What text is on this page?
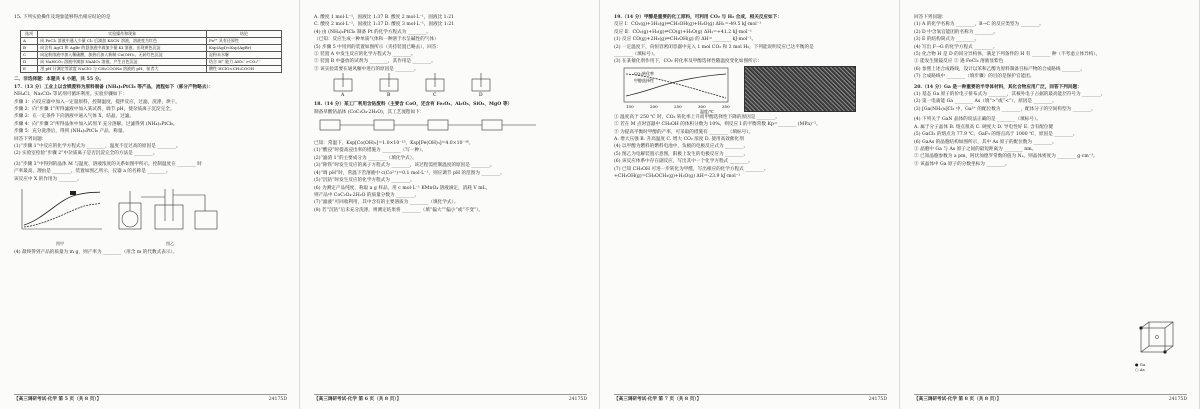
15. 下列实验操作及现象能够得出相应结论的是
选项	实验操作和现象	结论
A	向 FeCl₂ 溶液中通入少量 Cl₂ 后滴加 KSCN 溶液，溶液变为红色	Fe²⁺ 具有还原性
B	向含有 AgCl 和 AgBr 的悬浊液中滴加少量 KI 溶液，出现黄色沉淀	Ksp(AgI)<Ksp(AgBr)
C	向淀粉溶液中加入稀硫酸，加热后加入新制 Cu(OH)₂，无砖红色沉淀	淀粉未水解
D	向 NaHCO₃ 溶液中滴加 NaAlO₂ 溶液，产生白色沉淀	结合 H⁺ 能力 AlO₂⁻>CO₃²⁻
E	用 pH 计测定等浓度 NaClO 与 CH₃COONa 溶液的 pH，前者大	酸性 HClO<CH₃COOH
二、非选择题：本题共 4 小题，共 55 分。
17.（13 分）工业上以含镁废料为原料制备 (NH₄)₂PtCl₆ 等产品，流程如下（部分产物略去）：
NH₄Cl、Na₂CO₃ 等试剂可循环利用。实验步骤如下：
步骤 1：向反应器中加入一定量原料，控制温度，搅拌反应，过滤，洗涤，烘干。
步骤 2：向“步骤 1”所得滤液中加入某试剂，调节 pH，使杂质离子沉淀完全。
步骤 3：在一定条件下向溶液中通入气体 X，结晶，过滤。
步骤 4：向“步骤 3”所得晶体中加入试剂 Y 充分溶解，过滤得到 (NH₄)₂PtCl₆。
步骤 5：充分洗涤后，得到 (NH₄)₂PtCl₆ 产品，称量。
回答下列问题：
(1)“步骤 1”中反应的化学方程式为 ________，温度不宜过高的原因是 ________。
(2) 实验室检验“步骤 2”中杂质离子是否沉淀完全的方法是 ________。
(3)“步骤 3”中得到的晶体 M 与温度、溶液浓度的关系如图甲所示，控制温度在 ________ 时
产率最高，理由是 ________，装置如图乙所示，仪器 a 的名称是 ________。
该反应中 X 的作用为 ________。
图甲
	图乙
(4) 最终得到产品的质量为 m g，则产率为 ________（用含 m 的代数式表示）。
【高三调研考试·化学 第 5 页（共 8 页）】	24175D
A. 酸度 1 mol·L⁻¹，固液比 1:37 B. 酸度 2 mol·L⁻¹，固液比 1:21
C. 酸度 2 mol·L⁻¹，固液比 1:37 D. 酸度 3 mol·L⁻¹，固液比 1:21
(4) 由 (NH₄)₂PtCl₆ 制备 Pt 的化学方程式为 ________。
（已知：反应生成一种单质气体和一种溶于水呈碱性的气体）
(5) 步骤 5 中用到的装置如图所示（夹持装置已略去），回答：
① 装置 A 中发生反应的化学方程式为 ________。
② 装置 B 中盛放的试剂为 ________，其作用是 ________。
③ 该实验需要在通风橱中进行的原因是 ________。
A	B	C	D
18.（14 分）某工厂利用含钴废料（主要含 CoO，还含有 Fe₂O₃、Al₂O₃、SiO₂、MgO 等）
制备草酸钴晶体 (CoC₂O₄·2H₂O)，其工艺流程如下：
已知：常温下，Ksp[Co(OH)₂]=1.0×10⁻¹⁵，Ksp[Fe(OH)₃]=4.0×10⁻³⁸。
(1)“酸浸”时提高浸出率的措施为 ________（写一种）。
(2)“滤渣 1”的主要成分为 ________（填化学式）。
(3)“除铁”时发生反应的离子方程式为 ________，该过程需控制温度的原因是 ________。
(4)“调 pH”时，常温下若溶液中 c(Co²⁺)=0.1 mol·L⁻¹，则应调节 pH 的范围为 ________。
(5)“沉钴”时发生反应的化学方程式为 ________。
(6) 为测定产品纯度，称取 a g 样品，用 c mol·L⁻¹ KMnO₄ 溶液滴定，消耗 V mL，
则产品中 CoC₂O₄·2H₂O 的质量分数为 ________。
(7)“滤液”可回收利用，其中含有的主要溶质为 ________（填化学式）。
(8) 若“沉钴”后未充分洗涤，则测定结果将 ________（填“偏大”“偏小”或“不变”）。
【高三调研考试·化学 第 6 页（共 8 页）】	24175D
19.（14 分）甲醇是重要的化工原料，可利用 CO₂ 与 H₂ 合成，相关反应如下：
反应 Ⅰ：CO₂(g)+3H₂(g)⇌CH₃OH(g)+H₂O(g) ΔH₁=-49.5 kJ·mol⁻¹
反应 Ⅱ：CO₂(g)+H₂(g)⇌CO(g)+H₂O(g) ΔH₂=+41.2 kJ·mol⁻¹
(1) 反应 CO(g)+2H₂(g)⇌CH₃OH(g) 的 ΔH=________ kJ·mol⁻¹。
(2) 一定温度下，向恒容密闭容器中充入 1 mol CO₂ 和 3 mol H₂，下列能说明反应已达平衡的是
________（填标号）。
(3) 在某催化剂作用下，CO₂ 转化率及甲醇选择性随温度变化如图所示：
150	200	250	300	350
CO₂转化率
甲醇选择性
温度/℃
① 温度高于 250 ℃ 时，CO₂ 转化率上升而甲醇选择性下降的原因是 ________。
② 若在 M 点时容器中 CH₃OH 的体积分数为 10%，则反应 Ⅰ 的平衡常数 Kp=________ (MPa)⁻²。
③ 为提高平衡时甲醇的产率，可采取的措施有 ________（填标号）。
A. 增大压强 B. 升高温度 C. 增大 CO₂ 浓度 D. 使用高效催化剂
(4) 以甲醇为燃料的燃料电池中，负极的电极反应式为 ________。
(5) 图乙为电解装置示意图，阳极上发生的电极反应为 ________。
(6) 该反应体系中存在副反应，写出其中一个化学方程式 ________。
(7) 已知 CH₃OH 可进一步转化为甲醛，写出相应的化学方程式 ________。
+CH₃OH(g)=CH₃OCH₃(g)+H₂O(g) ΔH=-23.9 kJ·mol⁻¹
【高三调研考试·化学 第 7 页（共 8 页）】	24175D
回答下列问题：
(1) A 的化学名称为 ________，B→C 的反应类型为 ________。
(2) D 中含氧官能团的名称为 ________。
(3) E 的结构简式为 ________。
(4) 写出 F→G 的化学方程式 ________。
(5) 化合物 H 是 D 的同分异构体，满足下列条件的 H 有 ________ 种（不考虑立体异构）。
① 能发生银镜反应 ② 遇 FeCl₃ 溶液显紫色
(6) 参照上述合成路线，设计以苯和乙醇为原料制备目标产物的合成路线 ________。
(7) 合成路线中 ________（填步骤）的目的是保护官能团。
20.（14 分）Ga 是一种重要的半导体材料，其化合物应用广泛，回答下列问题：
(1) 基态 Ga 原子的价电子排布式为 ________，其核外电子占据的最高能层符号为 ________。
(2) 第一电离能 Ga ________ As（填“>”或“<”），原因是 ________。
(3) [Ga(NH₃)₆]Cl₃ 中，Ga³⁺ 的配位数为 ________，配体分子的空间构型为 ________。
(4) 下列关于 GaN 晶体的说法正确的是 ________（填标号）。
A. 属于分子晶体 B. 熔点很高 C. 硬度大 D. 导电性好 E. 含有配位键
(5) GaCl₃ 的熔点为 77.9 ℃，GaF₃ 的熔点高于 1000 ℃，原因是 ________。
(6) GaAs 的晶胞结构如图所示，其中 As 原子的配位数为 ________。
① 晶胞中 Ga 与 As 原子之间的最短距离为 ________ nm。
② 已知晶胞参数为 a pm，阿伏加德罗常数的值为 Nₐ，则晶体密度为 ________ g·cm⁻³。
③ 该晶体中 Ga 原子的分数坐标为 ________。
【高三调研考试·化学 第 8 页（共 8 页）】	24175D
● Ga
○ As
